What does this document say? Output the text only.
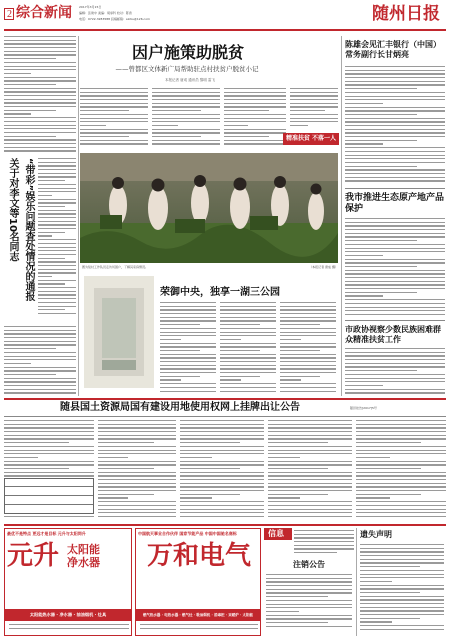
2 综合新闻 2017年3月15日
编辑：张建中 美编：胡承科 校对：陈香
电话：0722-3283588 投稿邮箱：szrbs@126.com	随州日报
因户施策助脱贫
——曾都区文体新广局帮助驻点村扶贫户脱贫小记
本报记者 唐成 通讯员 黎明 雷飞
精准扶贫 不落一人
关于对李文等10名同志 “带彩”娱乐问题查处情况的通报	图为驻村工作队员走访贫困户，了解其家庭情况。	（本报记者 唐成 摄）
荣御中央，独享一湖三公园
陈雄会见汇丰银行（中国）常务副行长甘炳亮
我市推进生态原产地产品保护
市政协视察少数民族困难群众精准扶贫工作
随县国土资源局国有建设用地使用权网上挂牌出让公告	随县挂告[2017]5号
最优不是特点 更远才是目标 元升与太阳同升
元升 太阳能
净水器
太阳能热水器 · 净水器 · 抽油烟机 · 灶具
中国航天事业合作伙伴 国家节能产品 中国中国驰名商标
万和电气
燃气热水器 · 电热水器 · 燃气灶 · 吸油烟机 · 消毒柜 · 采暖炉 · 太阳能
信息
注销公告
遗失声明
